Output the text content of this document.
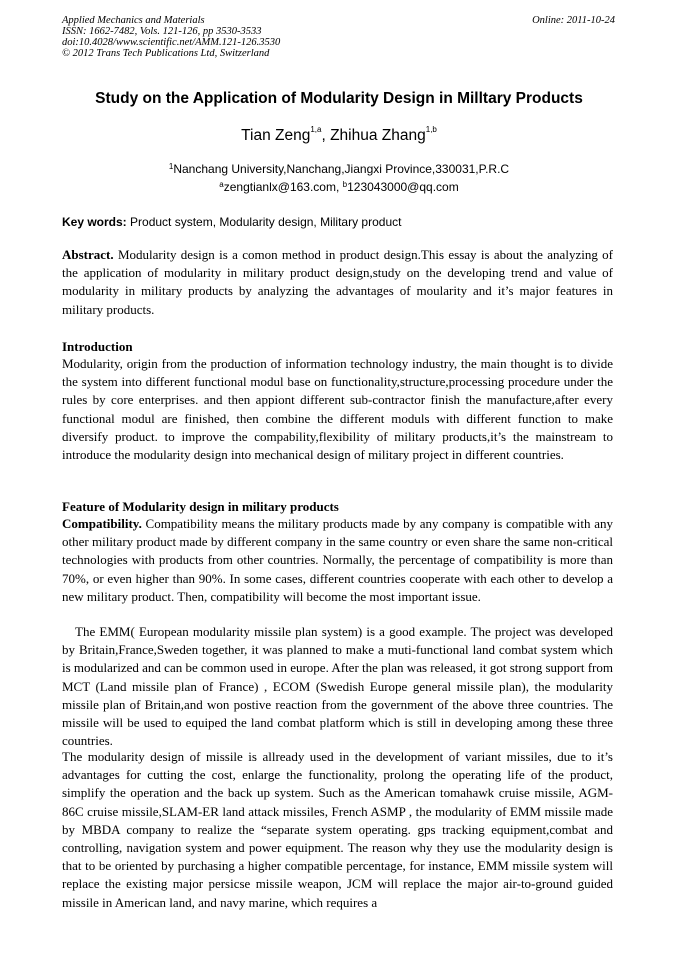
Applied Mechanics and Materials
ISSN: 1662-7482, Vols. 121-126, pp 3530-3533
doi:10.4028/www.scientific.net/AMM.121-126.3530
© 2012 Trans Tech Publications Ltd, Switzerland
Online: 2011-10-24
Study on the Application of Modularity Design in Milltary Products
Tian Zeng$^{1,a}$, Zhihua Zhang$^{1,b}$
$^1$Nanchang University,Nanchang,Jiangxi Province,330031,P.R.C
$^a$zengtianlx@163.com, $^b$123043000@qq.com
Key words: Product system, Modularity design, Military product
Abstract. Modularity design is a comon method in product design.This essay is about the analyzing of the application of modularity in military product design,study on the developing trend and value of modularity in military products by analyzing the advantages of moularity and it’s major features in military products.
Introduction
Modularity, origin from the production of information technology industry, the main thought is to divide the system into different functional modul base on functionality,structure,processing procedure under the rules by core enterprises. and then appiont different sub-contractor finish the manufacture,after every functional modul are finished, then combine the different moduls with different function to make diversify product. to improve the compability,flexibility of military products,it’s the mainstream to introduce the modularity design into mechanical design of military project in different countries.
Feature of Modularity design in military products
Compatibility. Compatibility means the military products made by any company is compatible with any other military product made by different company in the same country or even share the same non-critical technologies with products from other countries. Normally, the percentage of compatibility is more than 70%, or even higher than 90%. In some cases, different countries cooperate with each other to develop a new military product. Then, compatibility will become the most important issue.
The EMM( European modularity missile plan system) is a good example. The project was developed by Britain,France,Sweden together, it was planned to make a muti-functional land combat system which is modularized and can be common used in europe. After the plan was released, it got strong support from MCT (Land missile plan of France) , ECOM (Swedish Europe general missile plan), the modularity missile plan of Britain,and won postive reaction from the government of the above three countries. The missile will be used to equiped the land combat platform which is still in developing among these three countries.
The modularity design of missile is allready used in the development of variant missiles, due to it’s advantages for cutting the cost, enlarge the functionality, prolong the operating life of the product, simplify the operation and the back up system. Such as the American tomahawk cruise missile, AGM-86C cruise missile,SLAM-ER land attack missiles, French ASMP , the modularity of EMM missile made by MBDA company to realize the “separate system operating. gps tracking equipment,combat and controlling, navigation system and power equipment. The reason why they use the modularity design is that to be oriented by purchasing a higher compatible percentage, for instance, EMM missile system will replace the existing major persicse missile weapon, JCM will replace the major air-to-ground guided missile in American land, and navy marine, which requires a
